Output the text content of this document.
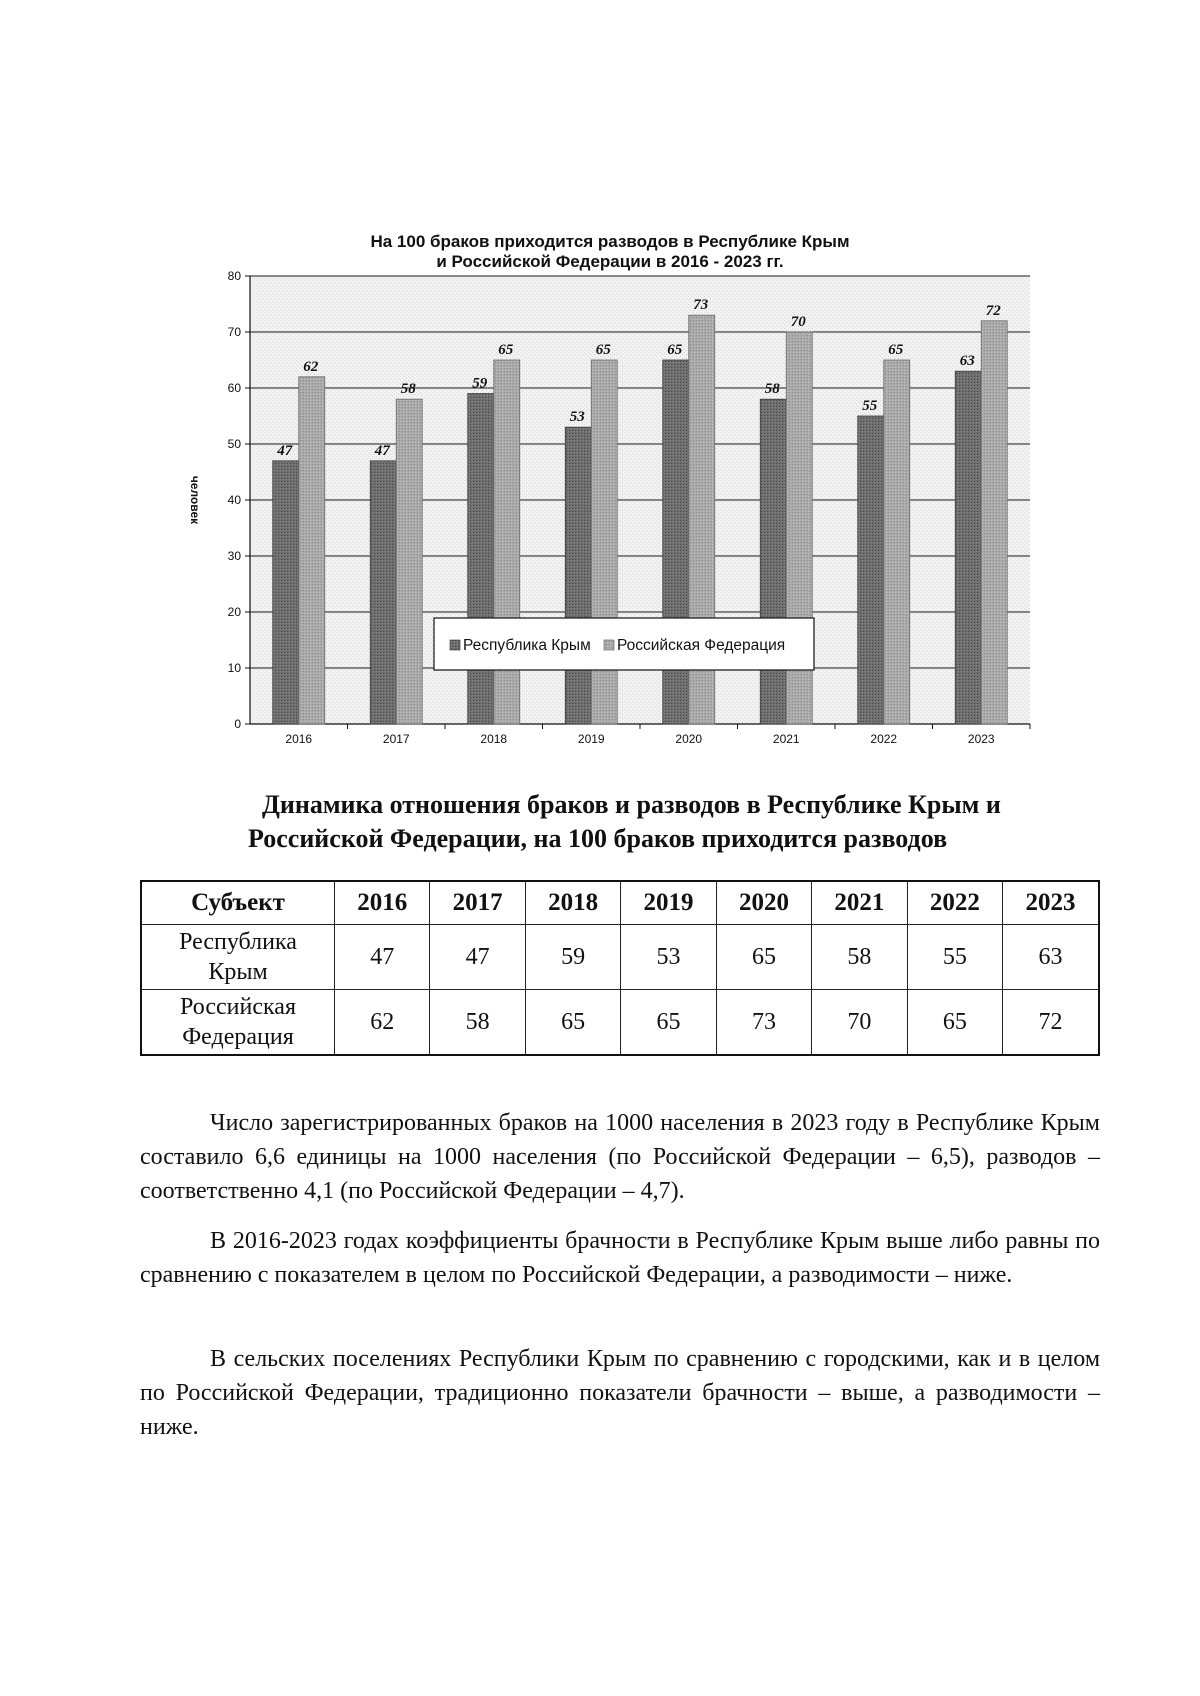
На 100 браков приходится разводов в Республике Крым
и Российской Федерации в 2016 - 2023 гг.
0
10
20
30
40
50
60
70
80
2016	2017	2018	2019	2020	2021	2022	2023
47
62
47
58	59
65
53
65	65
73
58
70
55
65
63
72
человек
Республика Крым Российская Федерация
Динамика отношения браков и разводов в Республике Крым и
Российской Федерации, на 100 браков приходится разводов
Субъект	2016	2017	2018	2019	2020	2021	2022	2023
Республика
Крым	47	47	59	53	65	58	55	63
Российская
Федерация	62	58	65	65	73	70	65	72

Число зарегистрированных браков на 1000 населения в 2023 году в Республике Крым составило 6,6 единицы на 1000 населения (по Российской Федерации – 6,5), разводов – соответственно 4,1 (по Российской Федерации – 4,7).

В 2016-2023 годах коэффициенты брачности в Республике Крым выше либо равны по сравнению с показателем в целом по Российской Федерации, а разводимости – ниже.

В сельских поселениях Республики Крым по сравнению с городскими, как и в целом по Российской Федерации, традиционно показатели брачности – выше, а разводимости – ниже.
